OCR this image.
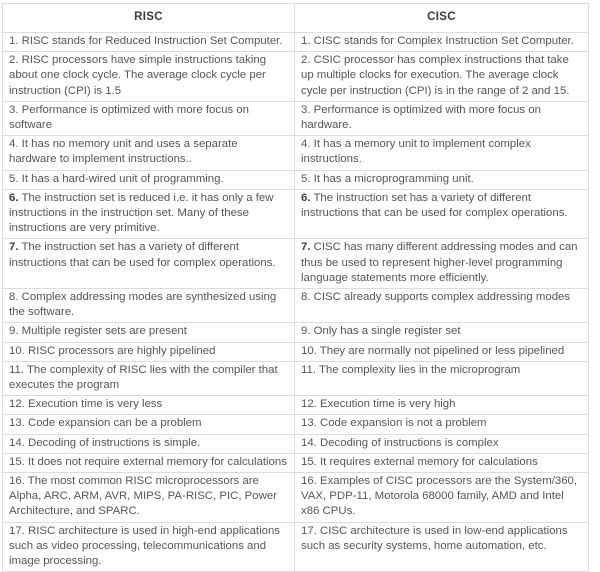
RISC	CISC

1. RISC stands for Reduced Instruction Set Computer.	1. CISC stands for Complex Instruction Set Computer.

2. RISC processors have simple instructions taking about one clock cycle. The average clock cycle per instruction (CPI) is 1.5	2. CSIC processor has complex instructions that take up multiple clocks for execution. The average clock cycle per instruction (CPI) is in the range of 2 and 15.

3. Performance is optimized with more focus on software	3. Performance is optimized with more focus on hardware.

4. It has no memory unit and uses a separate hardware to implement instructions..	4. It has a memory unit to implement complex instructions.

5. It has a hard-wired unit of programming.	5. It has a microprogramming unit.

6. The instruction set is reduced i.e. it has only a few instructions in the instruction set. Many of these instructions are very primitive.	6. The instruction set has a variety of different instructions that can be used for complex operations.
7. The instruction set has a variety of different instructions that can be used for complex operations.	7. CISC has many different addressing modes and can thus be used to represent higher-level programming language statements more efficiently.

8. Complex addressing modes are synthesized using the software.	8. CISC already supports complex addressing modes

9. Multiple register sets are present	9. Only has a single register set

10. RISC processors are highly pipelined	10. They are normally not pipelined or less pipelined

11. The complexity of RISC lies with the compiler that executes the program	11. The complexity lies in the microprogram

12. Execution time is very less	12. Execution time is very high

13. Code expansion can be a problem	13. Code expansion is not a problem

14. Decoding of instructions is simple.	14. Decoding of instructions is complex

15. It does not require external memory for calculations	15. It requires external memory for calculations

16. The most common RISC microprocessors are Alpha, ARC, ARM, AVR, MIPS, PA-RISC, PIC, Power Architecture, and SPARC.	16. Examples of CISC processors are the System/360, VAX, PDP-11, Motorola 68000 family, AMD and Intel x86 CPUs.

17. RISC architecture is used in high-end applications such as video processing, telecommunications and image processing.	17. CISC architecture is used in low-end applications such as security systems, home automation, etc.
